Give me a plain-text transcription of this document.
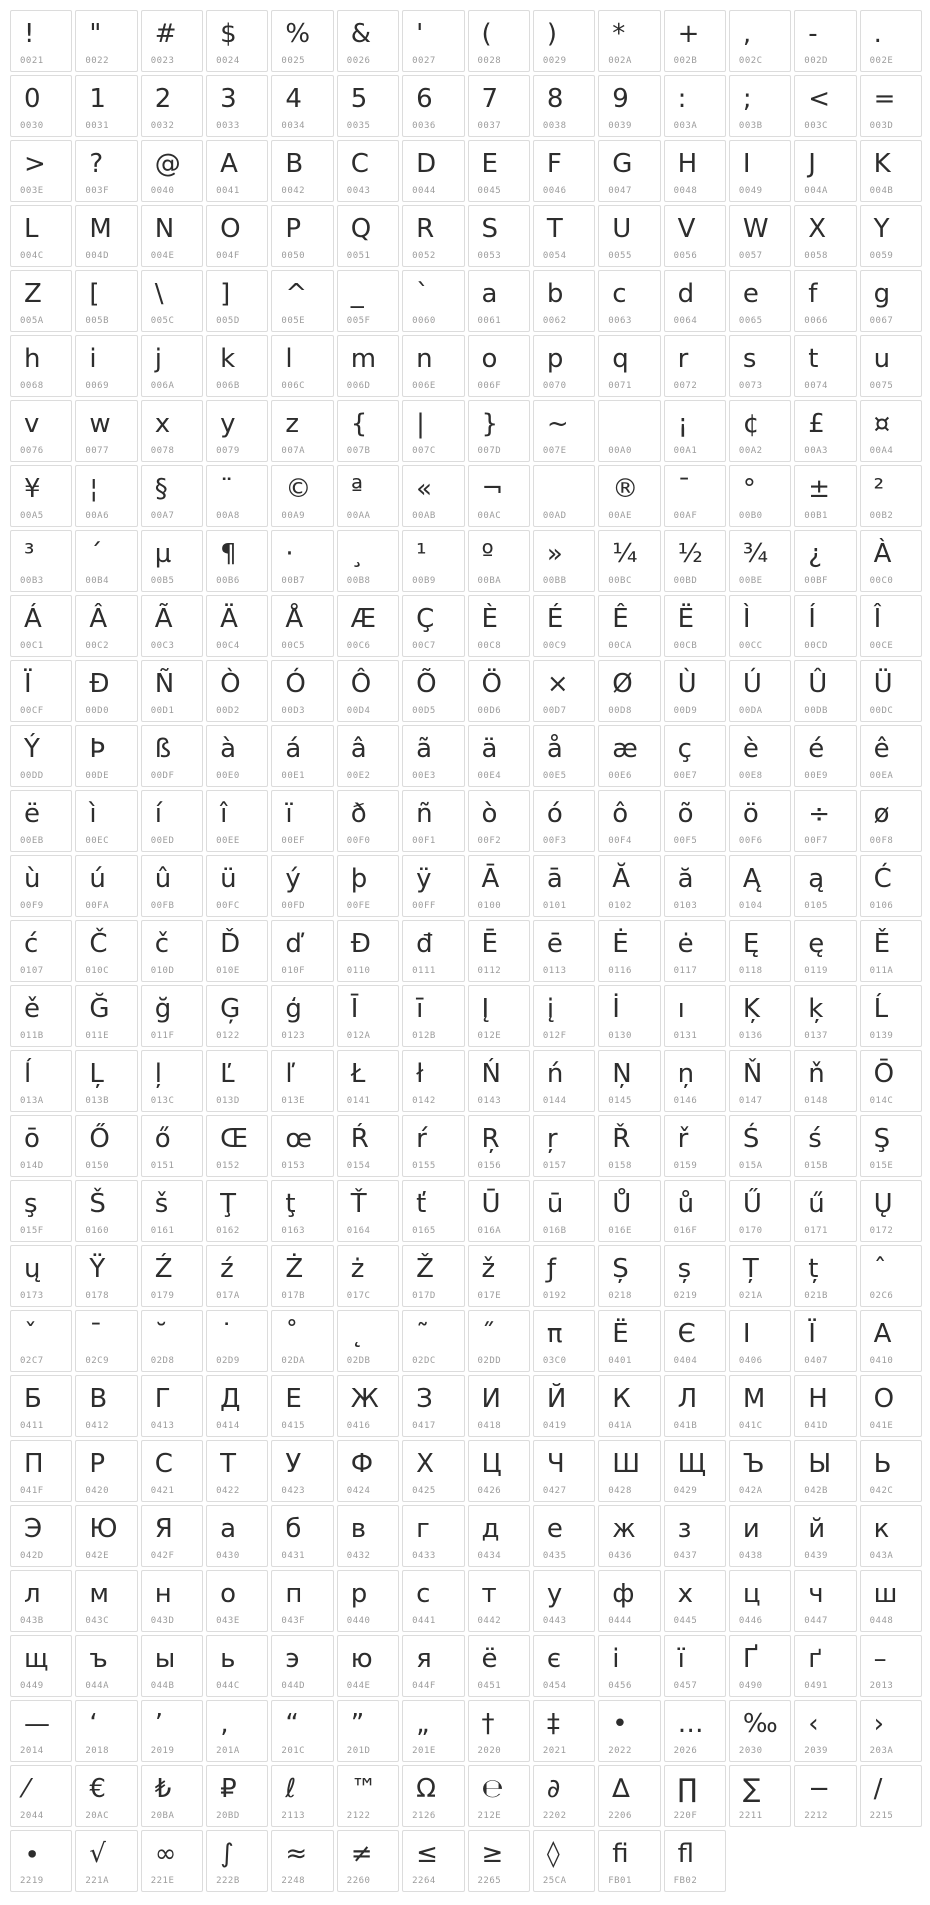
!
0021
"
0022
#
0023
$
0024
%
0025
&
0026
'
0027
(
0028
)
0029
*
002A
+
002B
,
002C
-
002D
.
002E
0
0030
1
0031
2
0032
3
0033
4
0034
5
0035
6
0036
7
0037
8
0038
9
0039
:
003A
;
003B
<
003C
=
003D
>
003E
?
003F
@
0040
A
0041
B
0042
C
0043
D
0044
E
0045
F
0046
G
0047
H
0048
I
0049
J
004A
K
004B
L
004C
M
004D
N
004E
O
004F
P
0050
Q
0051
R
0052
S
0053
T
0054
U
0055
V
0056
W
0057
X
0058
Y
0059
Z
005A
[
005B
\
005C
]
005D
^
005E
_
005F
`
0060
a
0061
b
0062
c
0063
d
0064
e
0065
f
0066
g
0067
h
0068
i
0069
j
006A
k
006B
l
006C
m
006D
n
006E
o
006F
p
0070
q
0071
r
0072
s
0073
t
0074
u
0075
v
0076
w
0077
x
0078
y
0079
z
007A
{
007B
|
007C
}
007D
~
007E	00A0
¡
00A1
¢
00A2
£
00A3
¤
00A4
¥
00A5
¦
00A6
§
00A7
¨
00A8
©
00A9
ª
00AA
«
00AB
¬
00AC	00AD
®
00AE
¯
00AF
°
00B0
±
00B1
²
00B2
³
00B3
´
00B4
µ
00B5
¶
00B6
·
00B7
¸
00B8
¹
00B9
º
00BA
»
00BB
¼
00BC
½
00BD
¾
00BE
¿
00BF
À
00C0
Á
00C1
Â
00C2
Ã
00C3
Ä
00C4
Å
00C5
Æ
00C6
Ç
00C7
È
00C8
É
00C9
Ê
00CA
Ë
00CB
Ì
00CC
Í
00CD
Î
00CE
Ï
00CF
Ð
00D0
Ñ
00D1
Ò
00D2
Ó
00D3
Ô
00D4
Õ
00D5
Ö
00D6
×
00D7
Ø
00D8
Ù
00D9
Ú
00DA
Û
00DB
Ü
00DC
Ý
00DD
Þ
00DE
ß
00DF
à
00E0
á
00E1
â
00E2
ã
00E3
ä
00E4
å
00E5
æ
00E6
ç
00E7
è
00E8
é
00E9
ê
00EA
ë
00EB
ì
00EC
í
00ED
î
00EE
ï
00EF
ð
00F0
ñ
00F1
ò
00F2
ó
00F3
ô
00F4
õ
00F5
ö
00F6
÷
00F7
ø
00F8
ù
00F9
ú
00FA
û
00FB
ü
00FC
ý
00FD
þ
00FE
ÿ
00FF
Ā
0100
ā
0101
Ă
0102
ă
0103
Ą
0104
ą
0105
Ć
0106
ć
0107
Č
010C
č
010D
Ď
010E
ď
010F
Đ
0110
đ
0111
Ē
0112
ē
0113
Ė
0116
ė
0117
Ę
0118
ę
0119
Ě
011A
ě
011B
Ğ
011E
ğ
011F
Ģ
0122
ģ
0123
Ī
012A
ī
012B
Į
012E
į
012F
İ
0130
ı
0131
Ķ
0136
ķ
0137
Ĺ
0139
ĺ
013A
Ļ
013B
ļ
013C
Ľ
013D
ľ
013E
Ł
0141
ł
0142
Ń
0143
ń
0144
Ņ
0145
ņ
0146
Ň
0147
ň
0148
Ō
014C
ō
014D
Ő
0150
ő
0151
Œ
0152
œ
0153
Ŕ
0154
ŕ
0155
Ŗ
0156
ŗ
0157
Ř
0158
ř
0159
Ś
015A
ś
015B
Ş
015E
ş
015F
Š
0160
š
0161
Ţ
0162
ţ
0163
Ť
0164
ť
0165
Ū
016A
ū
016B
Ů
016E
ů
016F
Ű
0170
ű
0171
Ų
0172
ų
0173
Ÿ
0178
Ź
0179
ź
017A
Ż
017B
ż
017C
Ž
017D
ž
017E
ƒ
0192
Ș
0218
ș
0219
Ț
021A
ț
021B
ˆ
02C6
ˇ
02C7
ˉ
02C9
˘
02D8
˙
02D9
˚
02DA
˛
02DB
˜
02DC
˝
02DD
π
03C0
Ё
0401
Є
0404
І
0406
Ї
0407
А
0410
Б
0411
В
0412
Г
0413
Д
0414
Е
0415
Ж
0416
З
0417
И
0418
Й
0419
К
041A
Л
041B
М
041C
Н
041D
О
041E
П
041F
Р
0420
С
0421
Т
0422
У
0423
Ф
0424
Х
0425
Ц
0426
Ч
0427
Ш
0428
Щ
0429
Ъ
042A
Ы
042B
Ь
042C
Э
042D
Ю
042E
Я
042F
а
0430
б
0431
в
0432
г
0433
д
0434
е
0435
ж
0436
з
0437
и
0438
й
0439
к
043A
л
043B
м
043C
н
043D
о
043E
п
043F
р
0440
с
0441
т
0442
у
0443
ф
0444
х
0445
ц
0446
ч
0447
ш
0448
щ
0449
ъ
044A
ы
044B
ь
044C
э
044D
ю
044E
я
044F
ё
0451
є
0454
і
0456
ї
0457
Ґ
0490
ґ
0491
–
2013
—
2014
‘
2018
’
2019
‚
201A
“
201C
”
201D
„
201E
†
2020
‡
2021
•
2022
…
2026
‰
2030
‹
2039
›
203A
⁄
2044
€
20AC
₺
20BA
₽
20BD
ℓ
2113
™
2122
Ω
2126
℮
212E
∂
2202
∆
2206
∏
220F
∑
2211
−
2212
∕
2215
∙
2219
√
221A
∞
221E
∫
222B
≈
2248
≠
2260
≤
2264
≥
2265
◊
25CA
ﬁ
FB01
ﬂ
FB02
